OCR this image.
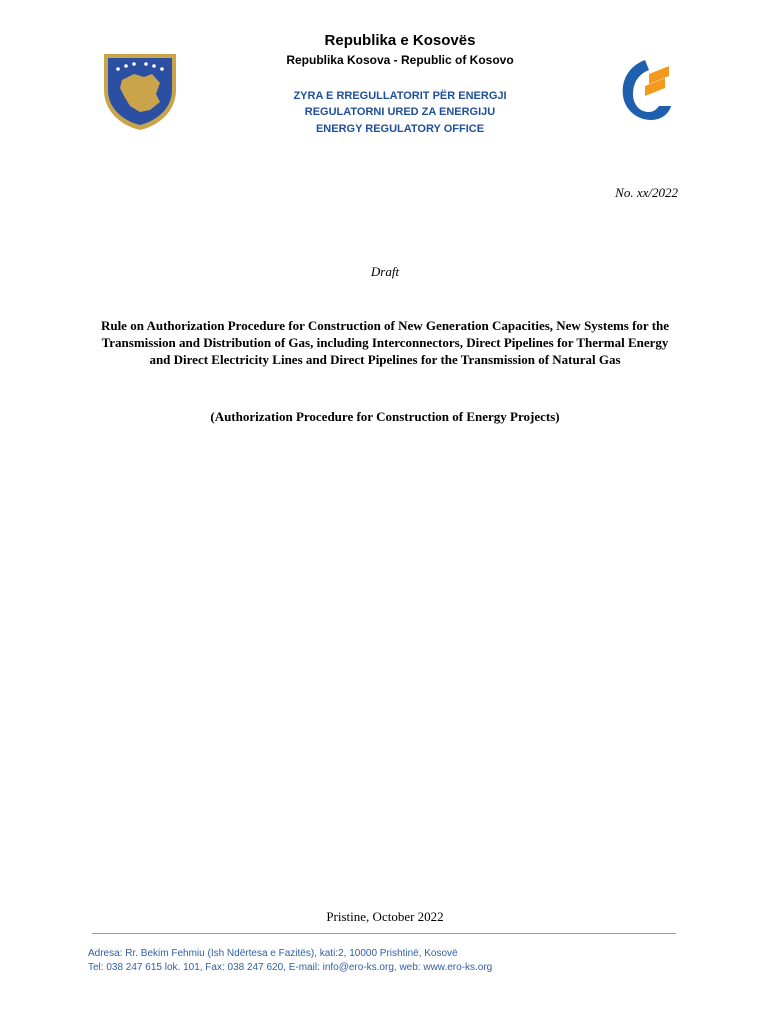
Republika e Kosovës
Republika Kosova - Republic of Kosovo
ZYRA E RREGULLATORIT PËR ENERGJI
REGULATORNI URED ZA ENERGIJU
ENERGY REGULATORY OFFICE
No. xx/2022
Draft
Rule on Authorization Procedure for Construction of New Generation Capacities, New Systems for the Transmission and Distribution of Gas, including Interconnectors, Direct Pipelines for Thermal Energy and Direct Electricity Lines and Direct Pipelines for the Transmission of Natural Gas
(Authorization Procedure for Construction of Energy Projects)
Pristine, October 2022
Adresa: Rr. Bekim Fehmiu (Ish Ndërtesa e Fazitës), kati:2, 10000 Prishtinë, Kosovë
Tel: 038 247 615 lok. 101, Fax: 038 247 620, E-mail: info@ero-ks.org, web: www.ero-ks.org
